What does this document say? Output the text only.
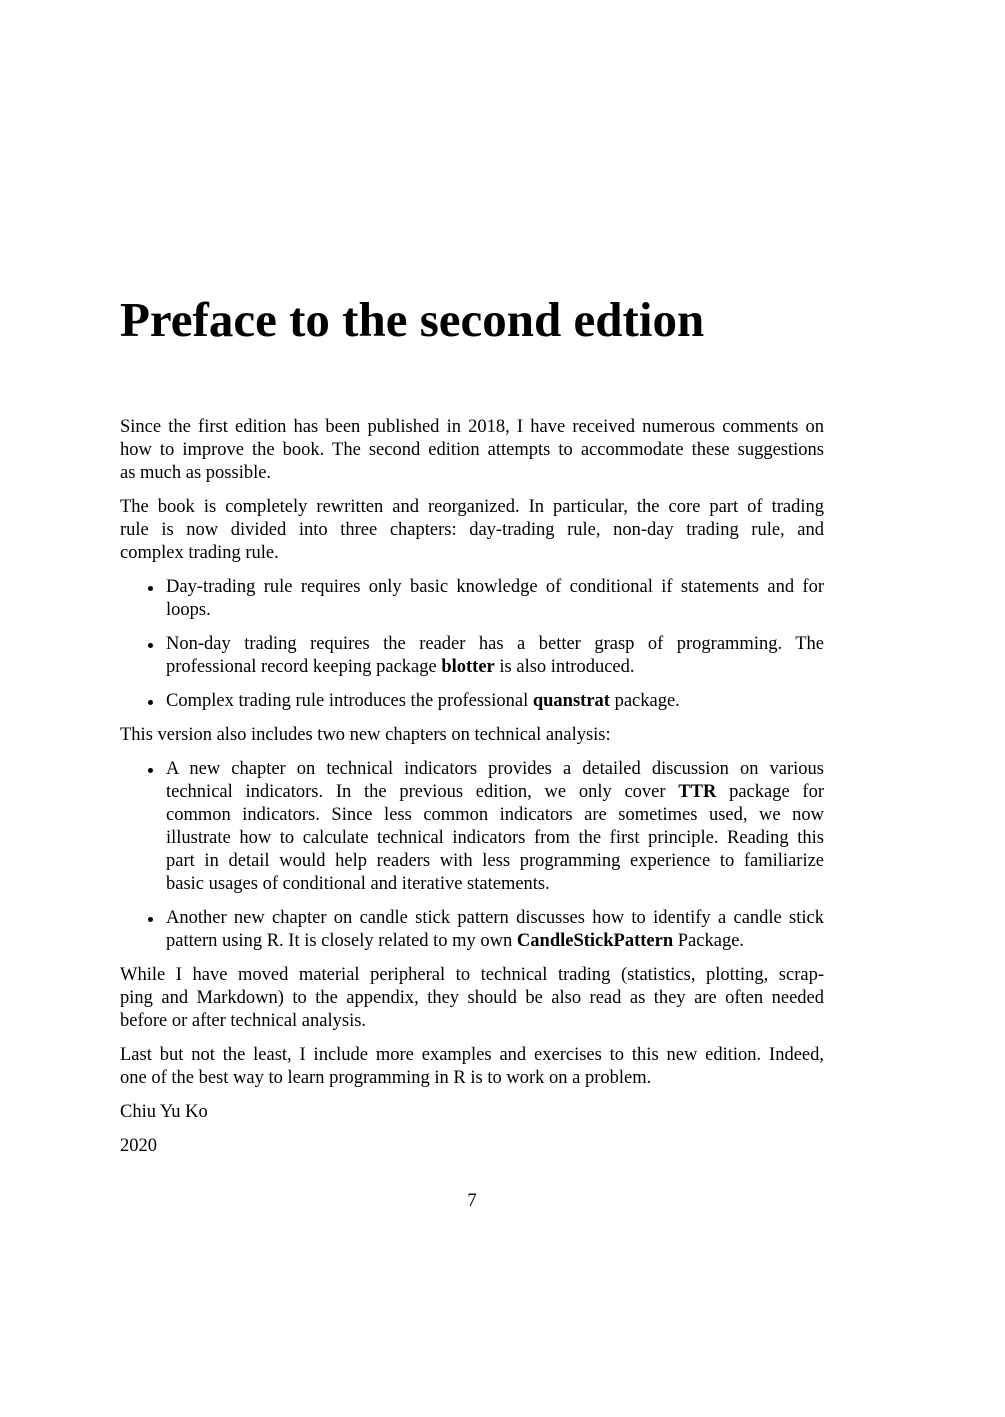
Preface to the second edtion
Since the first edition has been published in 2018, I have received numerous comments on
how to improve the book. The second edition attempts to accommodate these suggestions
as much as possible.
The book is completely rewritten and reorganized. In particular, the core part of trading
rule is now divided into three chapters: day-trading rule, non-day trading rule, and
complex trading rule.
Day-trading rule requires only basic knowledge of conditional if statements and for
loops.
Non-day trading requires the reader has a better grasp of programming. The
professional record keeping package blotter is also introduced.
Complex trading rule introduces the professional quanstrat package.
This version also includes two new chapters on technical analysis:
A new chapter on technical indicators provides a detailed discussion on various
technical indicators. In the previous edition, we only cover TTR package for
common indicators. Since less common indicators are sometimes used, we now
illustrate how to calculate technical indicators from the first principle. Reading this
part in detail would help readers with less programming experience to familiarize
basic usages of conditional and iterative statements.
Another new chapter on candle stick pattern discusses how to identify a candle stick
pattern using R. It is closely related to my own CandleStickPattern Package.
While I have moved material peripheral to technical trading (statistics, plotting, scrap-
ping and Markdown) to the appendix, they should be also read as they are often needed
before or after technical analysis.
Last but not the least, I include more examples and exercises to this new edition. Indeed,
one of the best way to learn programming in R is to work on a problem.
Chiu Yu Ko
2020
7
